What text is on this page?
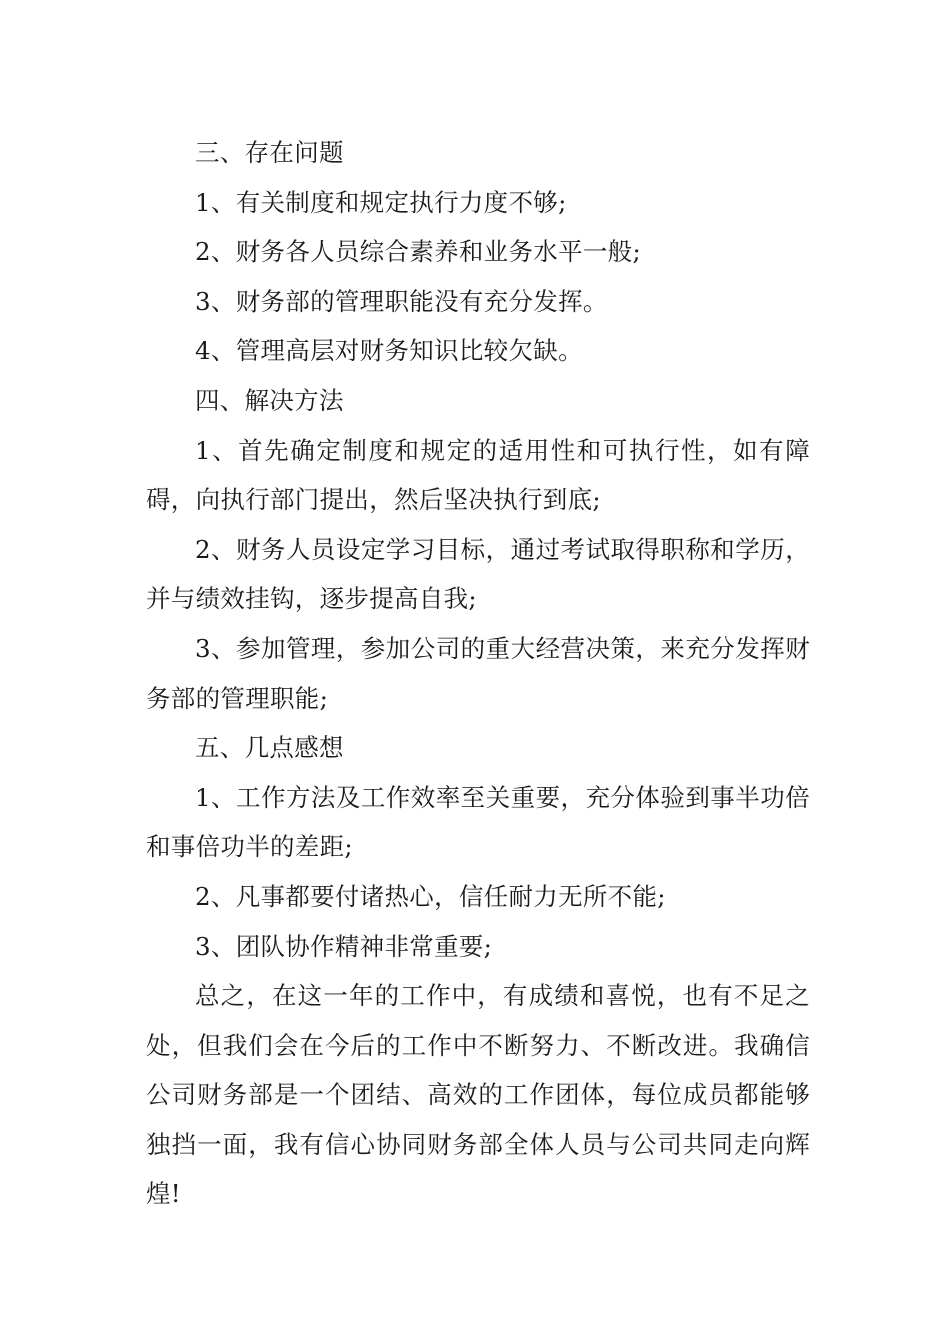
三、存在问题

1、有关制度和规定执行力度不够;

2、财务各人员综合素养和业务水平一般;

3、财务部的管理职能没有充分发挥。

4、管理高层对财务知识比较欠缺。

四、解决方法

1、首先确定制度和规定的适用性和可执行性，如有障碍，向执行部门提出，然后坚决执行到底;

2、财务人员设定学习目标，通过考试取得职称和学历，并与绩效挂钩，逐步提高自我;

3、参加管理，参加公司的重大经营决策，来充分发挥财务部的管理职能;

五、几点感想

1、工作方法及工作效率至关重要，充分体验到事半功倍和事倍功半的差距;

2、凡事都要付诸热心，信任耐力无所不能;

3、团队协作精神非常重要;

总之，在这一年的工作中，有成绩和喜悦，也有不足之处，但我们会在今后的工作中不断努力、不断改进。我确信公司财务部是一个团结、高效的工作团体，每位成员都能够独挡一面，我有信心协同财务部全体人员与公司共同走向辉煌!
